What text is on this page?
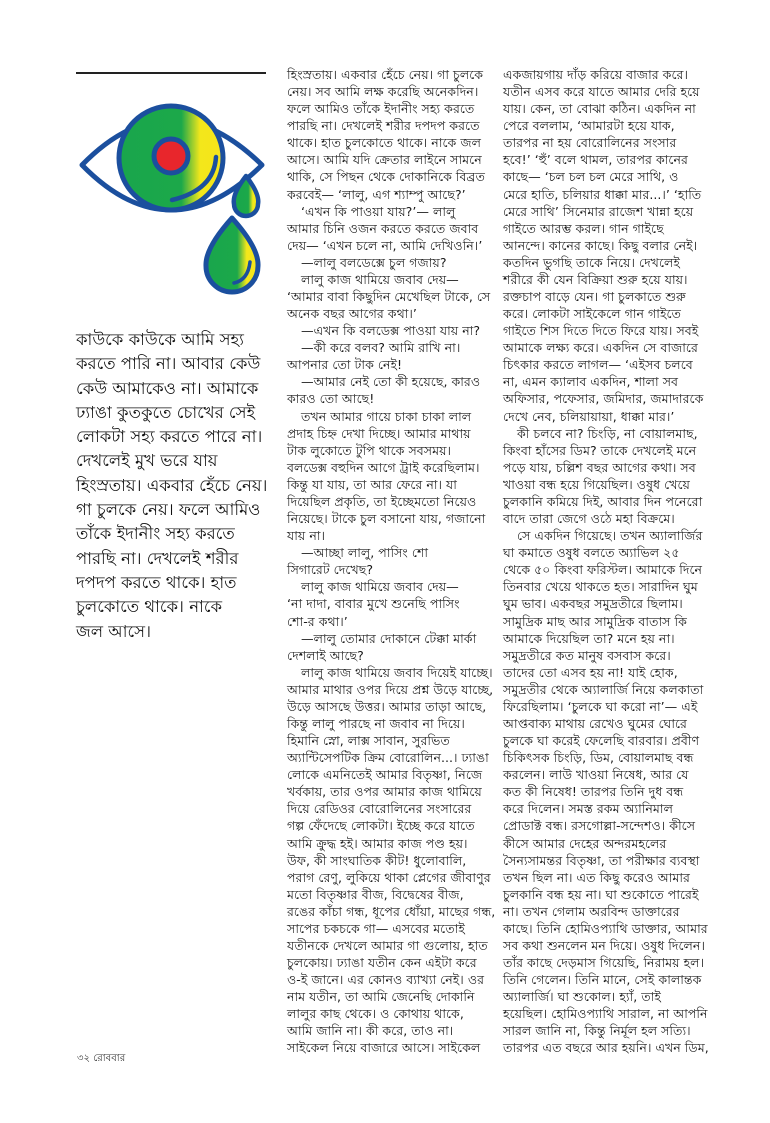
কাউকে কাউকে আমি সহ্য
করতে পারি না। আবার কেউ
কেউ আমাকেও না। আমাকে
ঢ্যাঙা কুতকুতে চোখের সেই
লোকটা সহ্য করতে পারে না।
দেখলেই মুখ ভরে যায়
হিংস্রতায়। একবার হেঁচে নেয়।
গা চুলকে নেয়। ফলে আমিও
তাঁকে ইদানীং সহ্য করতে
পারছি না। দেখলেই শরীর
দপদপ করতে থাকে। হাত
চুলকোতে থাকে। নাকে
জল আসে।
হিংস্রতায়। একবার হেঁচে নেয়। গা চুলকে
নেয়। সব আমি লক্ষ করেছি অনেকদিন।
ফলে আমিও তাঁকে ইদানীং সহ্য করতে
পারছি না। দেখলেই শরীর দপদপ করতে
থাকে। হাত চুলকোতে থাকে। নাকে জল
আসে। আমি যদি ক্রেতার লাইনে সামনে
থাকি, সে পিছন থেকে দোকানিকে বিব্রত
করবেই— ‘লালু, এগ শ্যাম্পু আছে?’
‘এখন কি পাওয়া যায়?’— লালু
আমার চিনি ওজন করতে করতে জবাব
দেয়— ‘এখন চলে না, আমি দেখিওনি।’
—লালু বলডেক্সে চুল গজায়?
লালু কাজ থামিয়ে জবাব দেয়—
‘আমার বাবা কিছুদিন মেখেছিল টাকে, সে
অনেক বছর আগের কথা।’
—এখন কি বলডেক্স পাওয়া যায় না?
—কী করে বলব? আমি রাখি না।
আপনার তো টাক নেই!
—আমার নেই তো কী হয়েছে, কারও
কারও তো আছে!
তখন আমার গায়ে চাকা চাকা লাল
প্রদাহ চিহ্ন দেখা দিচ্ছে। আমার মাথায়
টাক লুকোতে টুপি থাকে সবসময়।
বলডেক্স বহুদিন আগে ট্রাই করেছিলাম।
কিন্তু যা যায়, তা আর ফেরে না। যা
দিয়েছিল প্রকৃতি, তা ইচ্ছেমতো নিয়েও
নিয়েছে। টাকে চুল বসানো যায়, গজানো
যায় না।
—আচ্ছা লালু, পাসিং শো
সিগারেট দেখেছ?
লালু কাজ থামিয়ে জবাব দেয়—
‘না দাদা, বাবার মুখে শুনেছি পাসিং
শো-র কথা।’
—লালু তোমার দোকানে টেক্কা মার্কা
দেশলাই আছে?
লালু কাজ থামিয়ে জবাব দিয়েই যাচ্ছে।
আমার মাথার ওপর দিয়ে প্রশ্ন উড়ে যাচ্ছে,
উড়ে আসছে উত্তর। আমার তাড়া আছে,
কিন্তু লালু পারছে না জবাব না দিয়ে।
হিমানি স্নো, লাক্স সাবান, সুরভিত
অ্যান্টিসেপটিক ক্রিম বোরোলিন...। ঢ্যাঙা
লোকে এমনিতেই আমার বিতৃষ্ণা, নিজে
খর্বকায়, তার ওপর আমার কাজ থামিয়ে
দিয়ে রেডিওর বোরোলিনের সংসারের
গল্প ফেঁদেছে লোকটা। ইচ্ছে করে যাতে
আমি ক্রুদ্ধ হই। আমার কাজ পণ্ড হয়।
উফ, কী সাংঘাতিক কীট! ধুলোবালি,
পরাগ রেণু, লুকিয়ে থাকা প্লেগের জীবাণুর
মতো বিতৃষ্ণার বীজ, বিদ্বেষের বীজ,
রঙের কাঁচা গন্ধ, ধূপের ধোঁয়া, মাছের গন্ধ,
সাপের চকচকে গা— এসবের মতোই
যতীনকে দেখলে আমার গা গুলোয়, হাত
চুলকোয়। ঢ্যাঙা যতীন কেন এইটা করে
ও-ই জানে। এর কোনও ব্যাখ্যা নেই। ওর
নাম যতীন, তা আমি জেনেছি দোকানি
লালুর কাছ থেকে। ও কোথায় থাকে,
আমি জানি না। কী করে, তাও না।
সাইকেল নিয়ে বাজারে আসে। সাইকেল
একজায়গায় দাঁড় করিয়ে বাজার করে।
যতীন এসব করে যাতে আমার দেরি হয়ে
যায়। কেন, তা বোঝা কঠিন। একদিন না
পেরে বললাম, ‘আমারটা হয়ে যাক,
তারপর না হয় বোরোলিনের সংসার
হবে!’ ‘হুঁ’ বলে থামল, তারপর কানের
কাছে— ‘চল চল চল মেরে সাথি, ও
মেরে হাতি, চলিয়ার ধাক্কা মার...।’ ‘হাতি
মেরে সাথি’ সিনেমার রাজেশ খান্না হয়ে
গাইতে আরম্ভ করল। গান গাইছে
আনন্দে। কানের কাছে। কিছু বলার নেই।
কতদিন ভুগছি তাকে নিয়ে। দেখলেই
শরীরে কী যেন বিক্রিয়া শুরু হয়ে যায়।
রক্তচাপ বাড়ে যেন। গা চুলকাতে শুরু
করে। লোকটা সাইকেলে গান গাইতে
গাইতে শিস দিতে দিতে ফিরে যায়। সবই
আমাকে লক্ষ্য করে। একদিন সে বাজারে
চিৎকার করতে লাগল— ‘এইসব চলবে
না, এমন ক্যালাব একদিন, শালা সব
অফিসার, পফেসার, জমিদার, জমাদারকে
দেখে নেব, চলিয়ায়ায়া, ধাক্কা মার।’
কী চলবে না? চিংড়ি, না বোয়ালমাছ,
কিংবা হাঁসের ডিম? তাকে দেখলেই মনে
পড়ে যায়, চল্লিশ বছর আগের কথা। সব
খাওয়া বন্ধ হয়ে গিয়েছিল। ওষুধ খেয়ে
চুলকানি কমিয়ে দিই, আবার দিন পনেরো
বাদে তারা জেগে ওঠে মহা বিক্রমে।
সে একদিন গিয়েছে। তখন অ্যালার্জির
ঘা কমাতে ওষুধ বলতে অ্যাভিল ২৫
থেকে ৫০ কিংবা ফরিস্টল। আমাকে দিনে
তিনবার খেয়ে থাকতে হত। সারাদিন ঘুম
ঘুম ভাব। একবছর সমুদ্রতীরে ছিলাম।
সামুদ্রিক মাছ আর সামুদ্রিক বাতাস কি
আমাকে দিয়েছিল তা? মনে হয় না।
সমুদ্রতীরে কত মানুষ বসবাস করে।
তাদের তো এসব হয় না! যাই হোক,
সমুদ্রতীর থেকে অ্যালার্জি নিয়ে কলকাতা
ফিরেছিলাম। ‘চুলকে ঘা করো না’— এই
আপ্তবাক্য মাথায় রেখেও ঘুমের ঘোরে
চুলকে ঘা করেই ফেলেছি বারবার। প্রবীণ
চিকিৎসক চিংড়ি, ডিম, বোয়ালমাছ বন্ধ
করলেন। লাউ খাওয়া নিষেধ, আর যে
কত কী নিষেধ! তারপর তিনি দুধ বন্ধ
করে দিলেন। সমস্ত রকম অ্যানিমাল
প্রোডাক্ট বন্ধ। রসগোল্লা-সন্দেশও। কীসে
কীসে আমার দেহের অন্দরমহলের
সৈন্যসামন্তর বিতৃষ্ণা, তা পরীক্ষার ব্যবস্থা
তখন ছিল না। এত কিছু করেও আমার
চুলকানি বন্ধ হয় না। ঘা শুকোতে পারেই
না। তখন গেলাম অরবিন্দ ডাক্তারের
কাছে। তিনি হোমিওপ্যাথি ডাক্তার, আমার
সব কথা শুনলেন মন দিয়ে। ওষুধ দিলেন।
তাঁর কাছে দেড়মাস গিয়েছি, নিরাময় হল।
তিনি গেলেন। তিনি মানে, সেই কালান্তক
অ্যালার্জি। ঘা শুকোল। হ্যাঁ, তাই
হয়েছিল। হোমিওপ্যাথি সারাল, না আপনি
সারল জানি না, কিন্তু নির্মূল হল সত্যি।
তারপর এত বছরে আর হয়নি। এখন ডিম,
৩২ রোববার
